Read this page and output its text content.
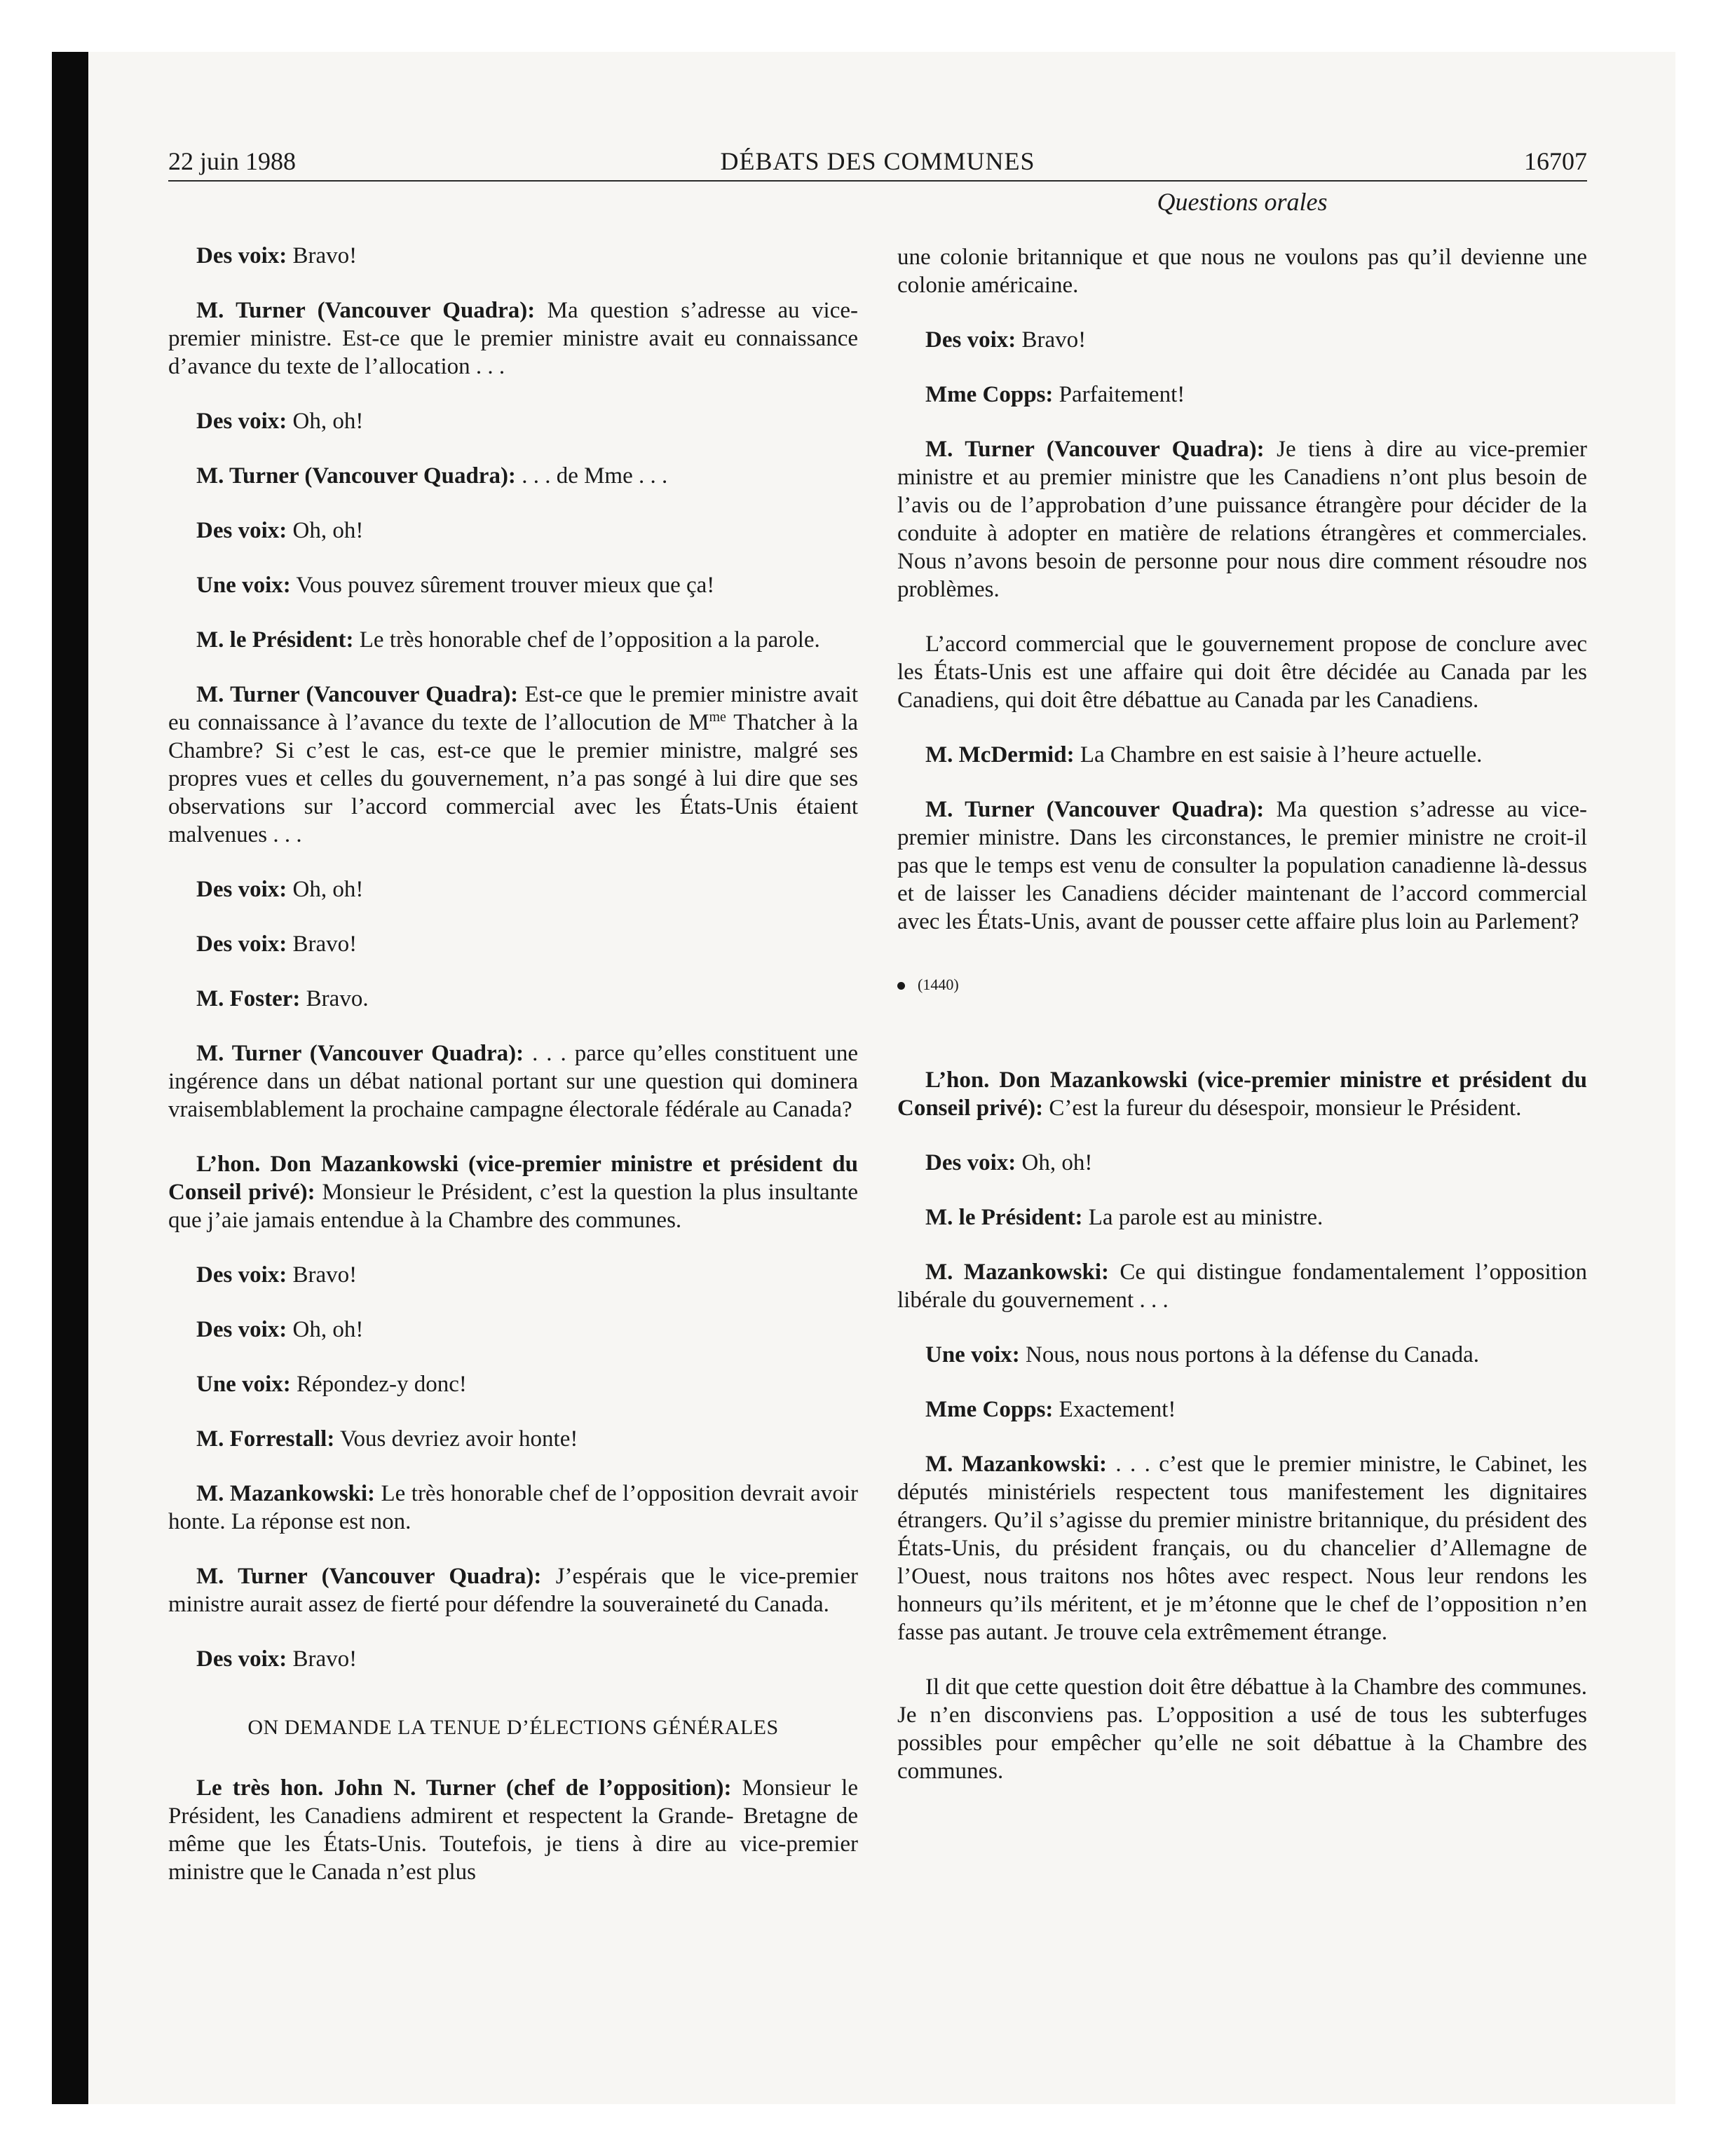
22 juin 1988	DÉBATS DES COMMUNES	16707
Questions orales

Des voix: Bravo!

M. Turner (Vancouver Quadra): Ma question s’adresse au vice-premier ministre. Est-ce que le premier ministre avait eu connaissance d’avance du texte de l’allocation . . .

Des voix: Oh, oh!

M. Turner (Vancouver Quadra): . . . de Mme . . .

Des voix: Oh, oh!

Une voix: Vous pouvez sûrement trouver mieux que ça!

M. le Président: Le très honorable chef de l’opposition a la parole.

M. Turner (Vancouver Quadra): Est-ce que le premier ministre avait eu connaissance à l’avance du texte de l’allocution de $M^{me}$ Thatcher à la Chambre? Si c’est le cas, est-ce que le premier ministre, malgré ses propres vues et celles du gouvernement, n’a pas songé à lui dire que ses observations sur l’accord commercial avec les États-Unis étaient malvenues . . .

Des voix: Oh, oh!

Des voix: Bravo!

M. Foster: Bravo.

M. Turner (Vancouver Quadra): . . . parce qu’elles constituent une ingérence dans un débat national portant sur une question qui dominera vraisemblablement la prochaine campagne électorale fédérale au Canada?

L’hon. Don Mazankowski (vice-premier ministre et président du Conseil privé): Monsieur le Président, c’est la question la plus insultante que j’aie jamais entendue à la Chambre des communes.

Des voix: Bravo!

Des voix: Oh, oh!

Une voix: Répondez-y donc!

M. Forrestall: Vous devriez avoir honte!

M. Mazankowski: Le très honorable chef de l’opposition devrait avoir honte. La réponse est non.

M. Turner (Vancouver Quadra): J’espérais que le vice-premier ministre aurait assez de fierté pour défendre la souveraineté du Canada.

Des voix: Bravo!

ON DEMANDE LA TENUE D’ÉLECTIONS GÉNÉRALES

Le très hon. John N. Turner (chef de l’opposition): Monsieur le Président, les Canadiens admirent et respectent la Grande- Bretagne de même que les États-Unis. Toutefois, je tiens à dire au vice-premier ministre que le Canada n’est plus

une colonie britannique et que nous ne voulons pas qu’il devienne une colonie américaine.

Des voix: Bravo!

Mme Copps: Parfaitement!

M. Turner (Vancouver Quadra): Je tiens à dire au vice-premier ministre et au premier ministre que les Canadiens n’ont plus besoin de l’avis ou de l’approbation d’une puissance étrangère pour décider de la conduite à adopter en matière de relations étrangères et commerciales. Nous n’avons besoin de personne pour nous dire comment résoudre nos problèmes.

L’accord commercial que le gouvernement propose de conclure avec les États-Unis est une affaire qui doit être décidée au Canada par les Canadiens, qui doit être débattue au Canada par les Canadiens.

M. McDermid: La Chambre en est saisie à l’heure actuelle.

M. Turner (Vancouver Quadra): Ma question s’adresse au vice-premier ministre. Dans les circonstances, le premier ministre ne croit-il pas que le temps est venu de consulter la population canadienne là-dessus et de laisser les Canadiens décider maintenant de l’accord commercial avec les États-Unis, avant de pousser cette affaire plus loin au Parlement?

(1440)

L’hon. Don Mazankowski (vice-premier ministre et président du Conseil privé): C’est la fureur du désespoir, monsieur le Président.

Des voix: Oh, oh!

M. le Président: La parole est au ministre.

M. Mazankowski: Ce qui distingue fondamentalement l’opposition libérale du gouvernement . . .

Une voix: Nous, nous nous portons à la défense du Canada.

Mme Copps: Exactement!

M. Mazankowski: . . . c’est que le premier ministre, le Cabinet, les députés ministériels respectent tous manifestement les dignitaires étrangers. Qu’il s’agisse du premier ministre britannique, du président des États-Unis, du président français, ou du chancelier d’Allemagne de l’Ouest, nous traitons nos hôtes avec respect. Nous leur rendons les honneurs qu’ils méritent, et je m’étonne que le chef de l’opposition n’en fasse pas autant. Je trouve cela extrêmement étrange.

Il dit que cette question doit être débattue à la Chambre des communes. Je n’en disconviens pas. L’opposition a usé de tous les subterfuges possibles pour empêcher qu’elle ne soit débattue à la Chambre des communes.
